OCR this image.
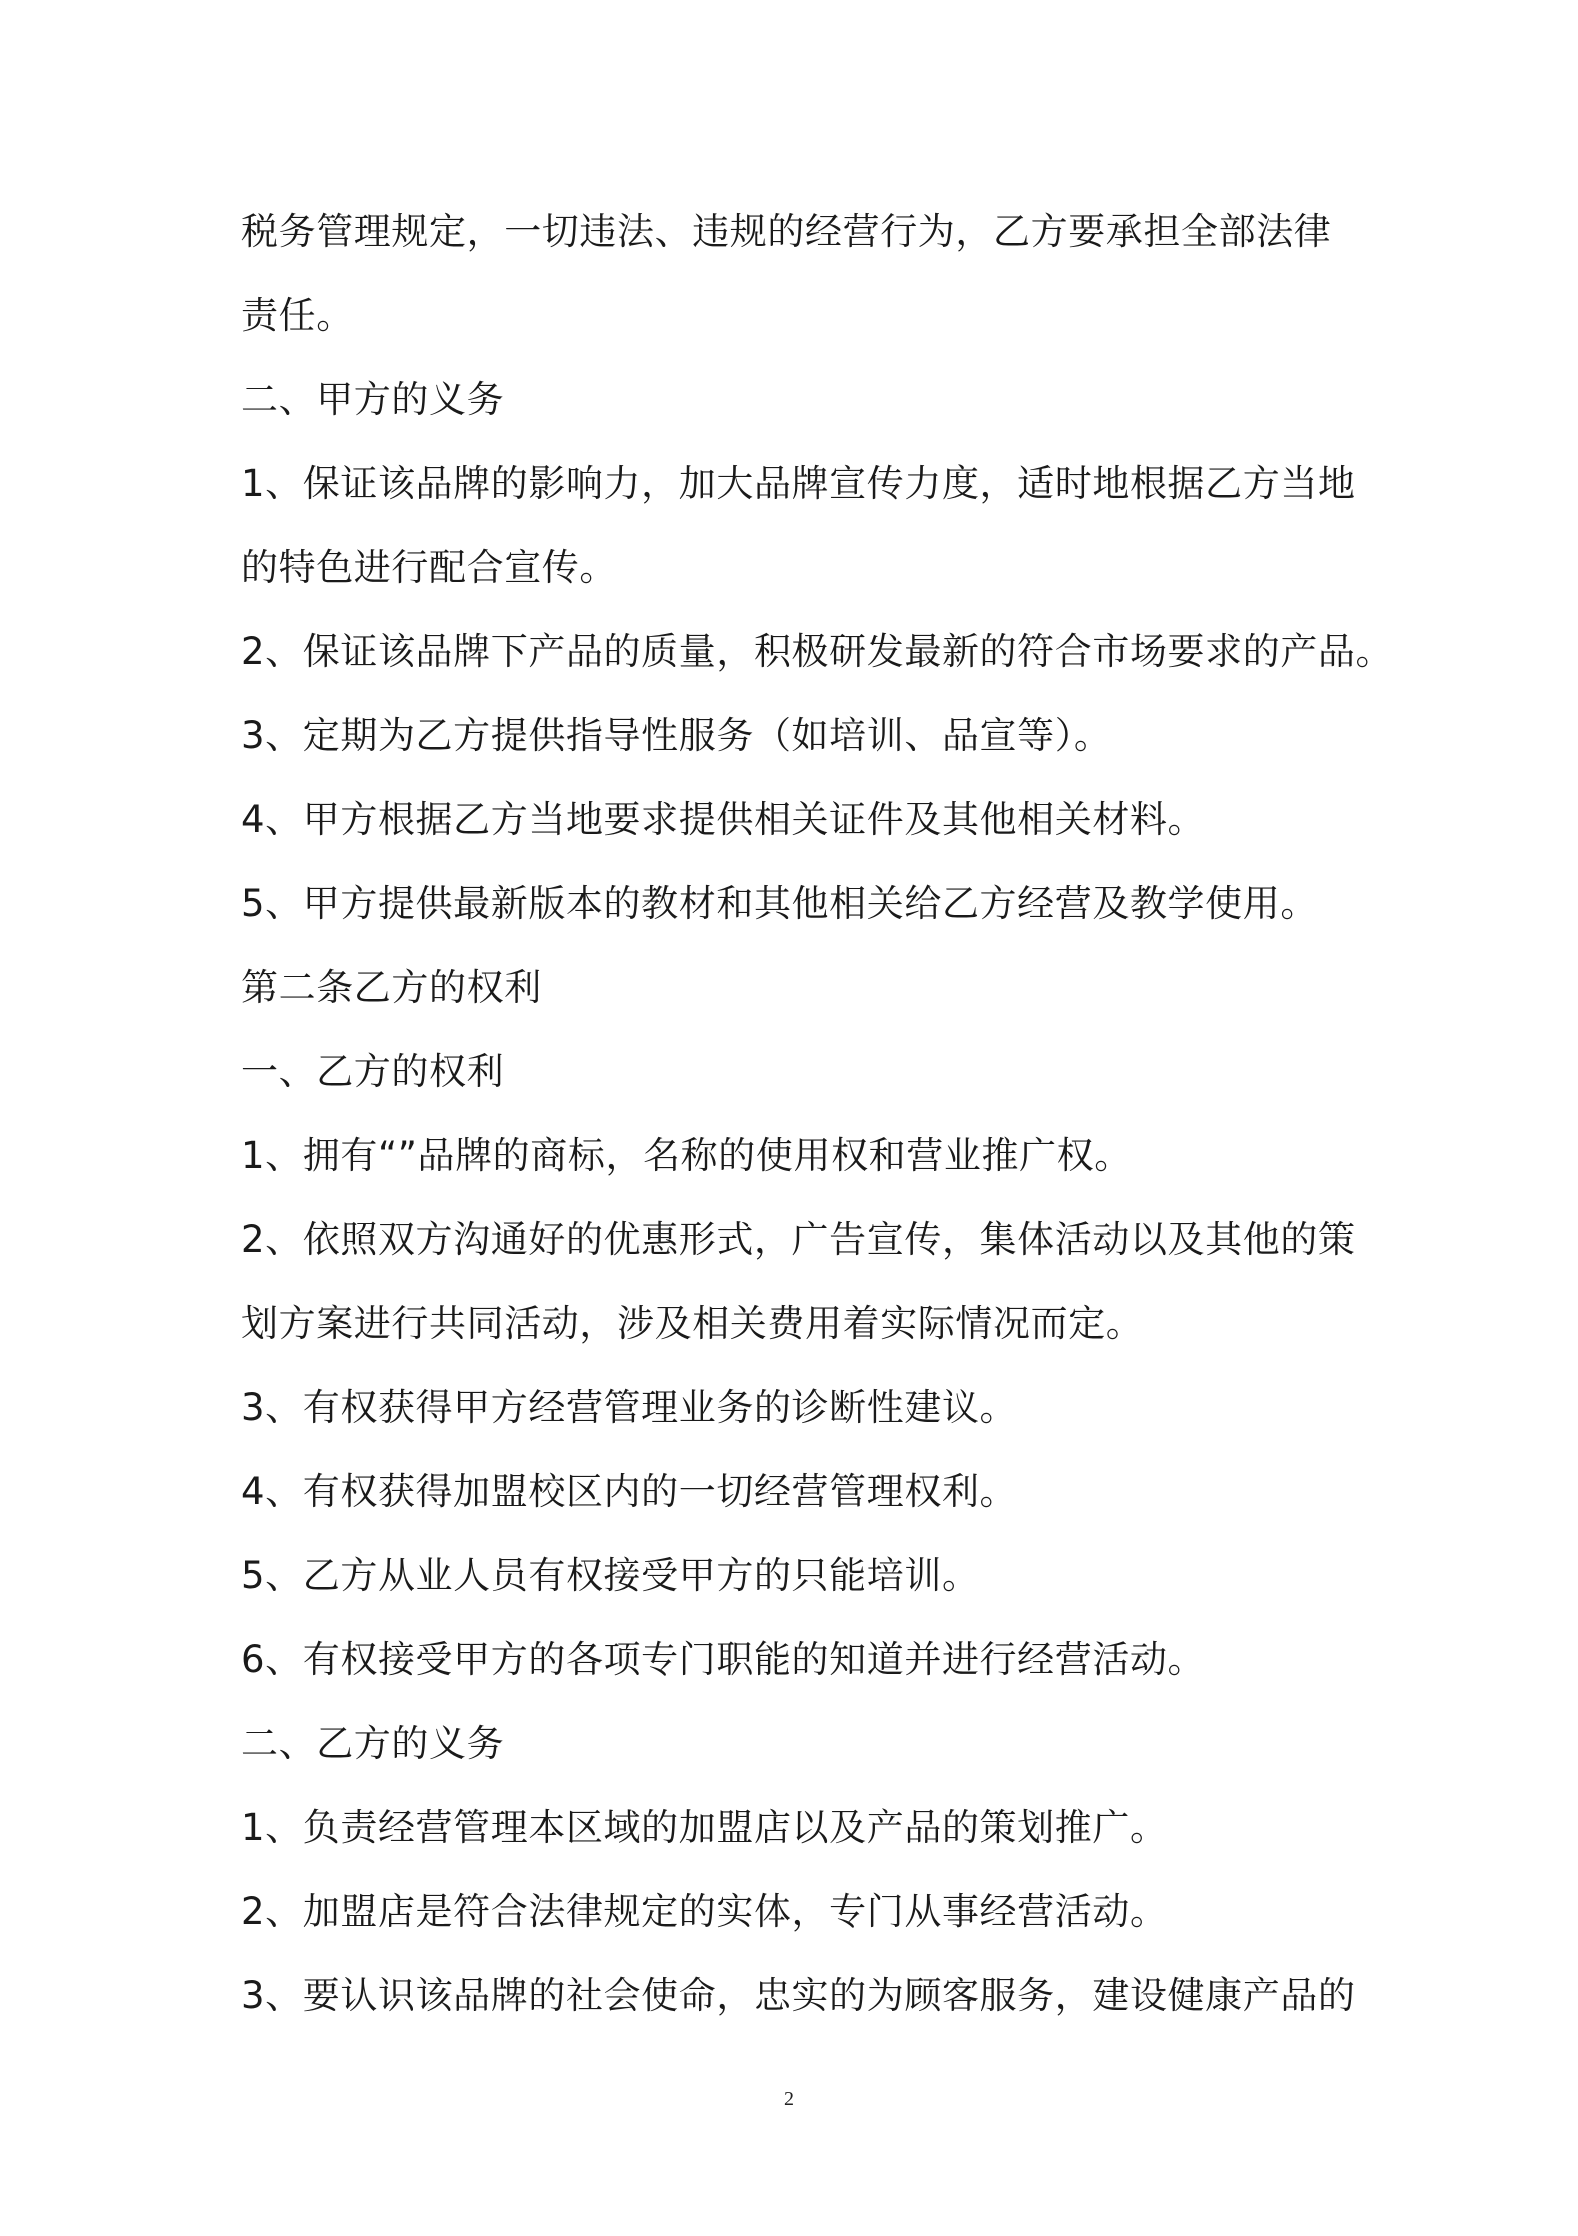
税务管理规定，一切违法、违规的经营行为，乙方要承担全部法律

责任。

二、甲方的义务

1、保证该品牌的影响力，加大品牌宣传力度，适时地根据乙方当地

的特色进行配合宣传。

2、保证该品牌下产品的质量，积极研发最新的符合市场要求的产品。

3、定期为乙方提供指导性服务（如培训、品宣等）。

4、甲方根据乙方当地要求提供相关证件及其他相关材料。

5、甲方提供最新版本的教材和其他相关给乙方经营及教学使用。

第二条乙方的权利

一、乙方的权利

1、拥有“”品牌的商标，名称的使用权和营业推广权。

2、依照双方沟通好的优惠形式，广告宣传，集体活动以及其他的策

划方案进行共同活动，涉及相关费用着实际情况而定。

3、有权获得甲方经营管理业务的诊断性建议。

4、有权获得加盟校区内的一切经营管理权利。

5、乙方从业人员有权接受甲方的只能培训。

6、有权接受甲方的各项专门职能的知道并进行经营活动。

二、乙方的义务

1、负责经营管理本区域的加盟店以及产品的策划推广。

2、加盟店是符合法律规定的实体，专门从事经营活动。

3、要认识该品牌的社会使命，忠实的为顾客服务，建设健康产品的

2
